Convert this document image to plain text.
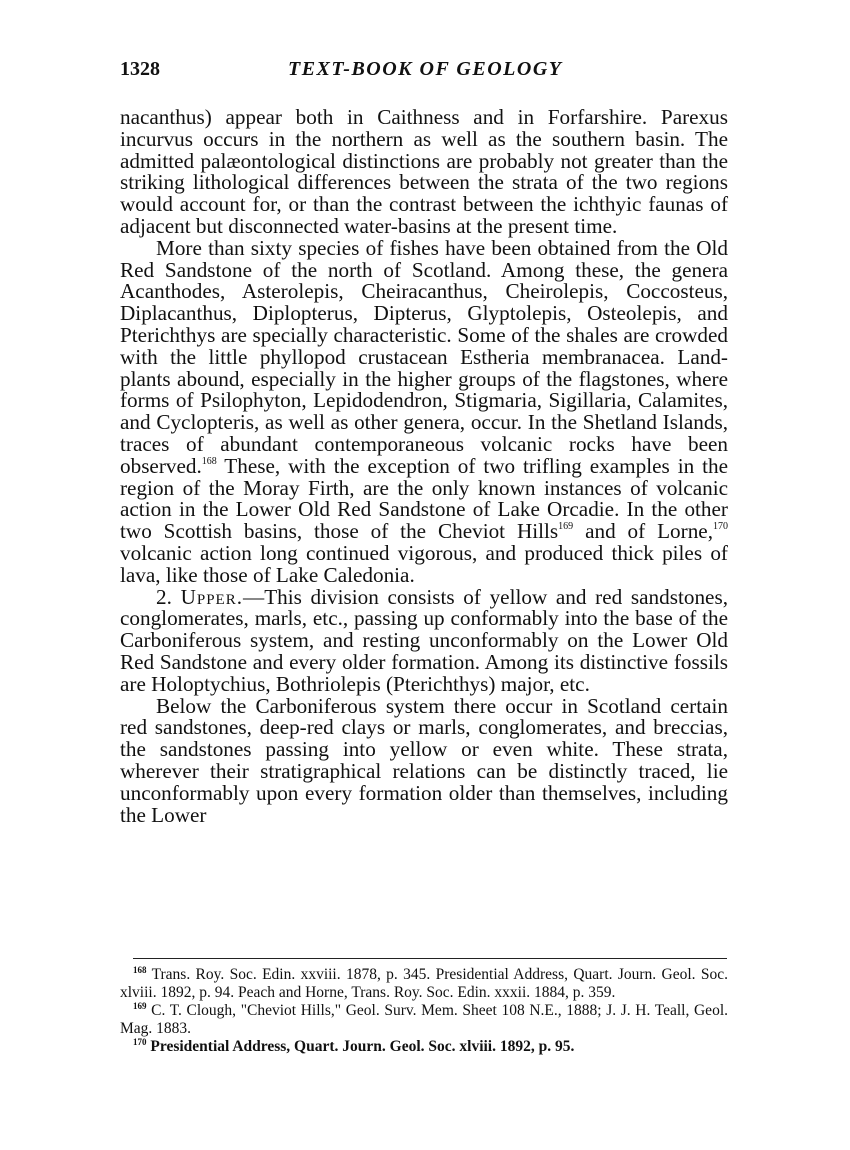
1328	TEXT-BOOK OF GEOLOGY

nacanthus) appear both in Caithness and in Forfarshire. Parexus incurvus occurs in the northern as well as the southern basin. The admitted palæontological distinctions are probably not greater than the striking lithological differences between the strata of the two regions would account for, or than the contrast between the ichthyic faunas of adjacent but disconnected water-basins at the present time.

More than sixty species of fishes have been obtained from the Old Red Sandstone of the north of Scotland. Among these, the genera Acanthodes, Asterolepis, Cheiracanthus, Cheirolepis, Coccosteus, Diplacanthus, Diplopterus, Dipterus, Glyptolepis, Osteolepis, and Pterichthys are specially characteristic. Some of the shales are crowded with the little phyllopod crustacean Estheria membranacea. Land-plants abound, especially in the higher groups of the flagstones, where forms of Psilophyton, Lepidodendron, Stigmaria, Sigillaria, Calamites, and Cyclopteris, as well as other genera, occur. In the Shetland Islands, traces of abundant contemporaneous volcanic rocks have been observed.$^{168}$ These, with the exception of two trifling examples in the region of the Moray Firth, are the only known instances of volcanic action in the Lower Old Red Sandstone of Lake Orcadie. In the other two Scottish basins, those of the Cheviot Hills$^{169}$ and of Lorne,$^{170}$ volcanic action long continued vigorous, and produced thick piles of lava, like those of Lake Caledonia.

2. Upper.—This division consists of yellow and red sandstones, conglomerates, marls, etc., passing up conformably into the base of the Carboniferous system, and resting unconformably on the Lower Old Red Sandstone and every older formation. Among its distinctive fossils are Holoptychius, Bothriolepis (Pterichthys) major, etc.

Below the Carboniferous system there occur in Scotland certain red sandstones, deep-red clays or marls, conglomerates, and breccias, the sandstones passing into yellow or even white. These strata, wherever their stratigraphical relations can be distinctly traced, lie unconformably upon every formation older than themselves, including the Lower

$^{168}$ Trans. Roy. Soc. Edin. xxviii. 1878, p. 345. Presidential Address, Quart. Journ. Geol. Soc. xlviii. 1892, p. 94. Peach and Horne, Trans. Roy. Soc. Edin. xxxii. 1884, p. 359.

$^{169}$ C. T. Clough, "Cheviot Hills," Geol. Surv. Mem. Sheet 108 N.E., 1888; J. J. H. Teall, Geol. Mag. 1883.

$^{170}$ Presidential Address, Quart. Journ. Geol. Soc. xlviii. 1892, p. 95.
